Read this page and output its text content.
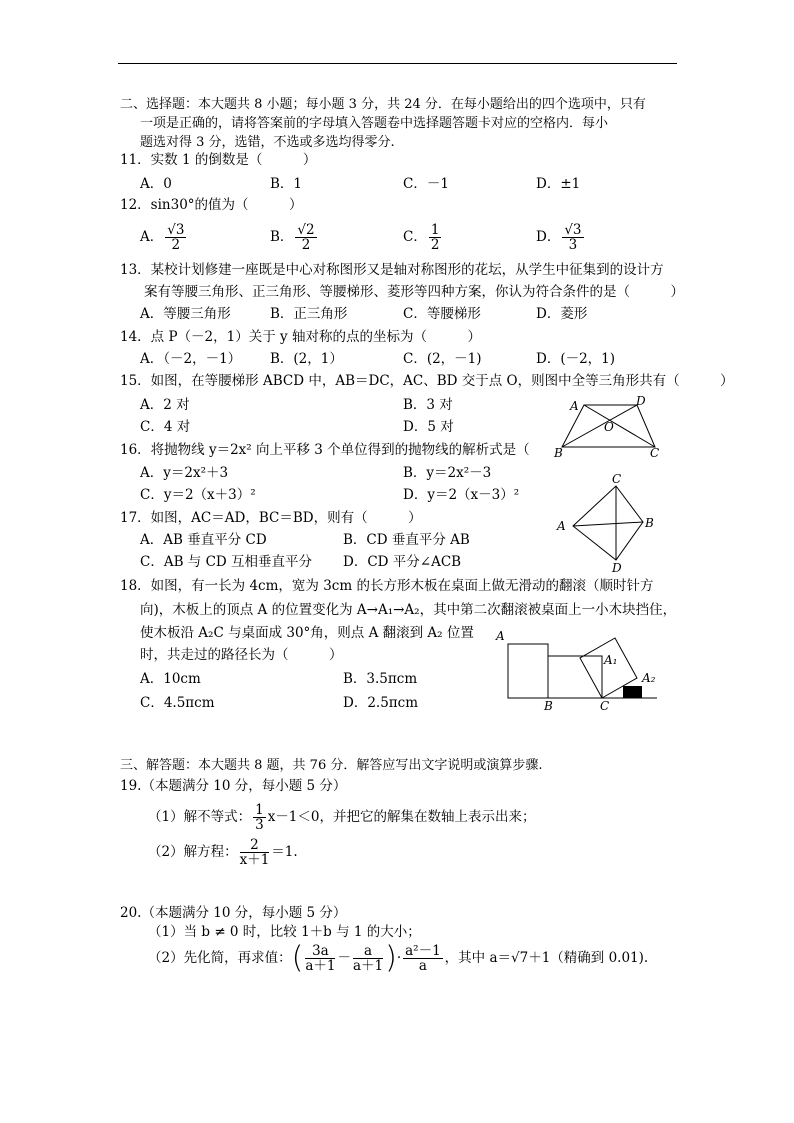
二、选择题：本大题共 8 小题；每小题 3 分，共 24 分．在每小题给出的四个选项中，只有
一项是正确的，请将答案前的字母填入答题卷中选择题答题卡对应的空格内．每小
题选对得 3 分，选错，不选或多选均得零分.
11．实数 1 的倒数是（　　　）
A．0	B．1	C．－1	D．±1
12．sin30°的值为（　　　）
A． $\frac{√3}{2}$	B． $\frac{√2}{2}$	C． $\frac{1}{2}$	D． $\frac{√3}{3}$
13．某校计划修建一座既是中心对称图形又是轴对称图形的花坛，从学生中征集到的设计方
案有等腰三角形、正三角形、等腰梯形、菱形等四种方案，你认为符合条件的是（　　　）
A．等腰三角形	B．正三角形	C．等腰梯形	D．菱形
14．点 P（－2，1）关于 y 轴对称的点的坐标为（　　　）
A．（－2，－1） B．(2，1）	C．(2，－1)	D．(－2，1)
15．如图，在等腰梯形 ABCD 中，AB＝DC，AC、BD 交于点 O，则图中全等三角形共有（　　　）
A．2 对	B．3 对
C．4 对	D．5 对
A	D
O
B	C
16．将抛物线 y＝2x² 向上平移 3 个单位得到的抛物线的解析式是（
A．y＝2x²＋3	B．y＝2x²－3
C．y＝2（x＋3）²	D．y＝2（x－3）²
17．如图，AC＝AD，BC＝BD，则有（　　　）
A．AB 垂直平分 CD	B．CD 垂直平分 AB
C．AB 与 CD 互相垂直平分 D．CD 平分∠ACB
C
B
A
D
18．如图，有一长为 4cm，宽为 3cm 的长方形木板在桌面上做无滑动的翻滚（顺时针方
向)，木板上的顶点 A 的位置变化为 A→A₁→A₂，其中第二次翻滚被桌面上一小木块挡住，
使木板沿 A₂C 与桌面成 30°角，则点 A 翻滚到 A₂ 位置
时，共走过的路径长为（　　　）
A．10cm	B．3.5πcm
C．4.5πcm	D．2.5πcm
A
A₁
A₂
B	C
三、解答题：本大题共 8 题，共 76 分．解答应写出文字说明或演算步骤.
19.（本题满分 10 分，每小题 5 分）
（1）解不等式： $\frac{1}{3} x-1<0$，并把它的解集在数轴上表示出来；
（2）解方程： $\frac{2}{x+1} =1$.
20.（本题满分 10 分，每小题 5 分）
（1）当 b ≠ 0 时，比较 1＋b 与 1 的大小；
（2）先化简，再求值：( $\frac{3a}{a+1} - \frac{a}{a+1}$ )· $\frac{\text{a²－1}}{a}$ ，其中 a＝√7＋1（精确到 0.01).
